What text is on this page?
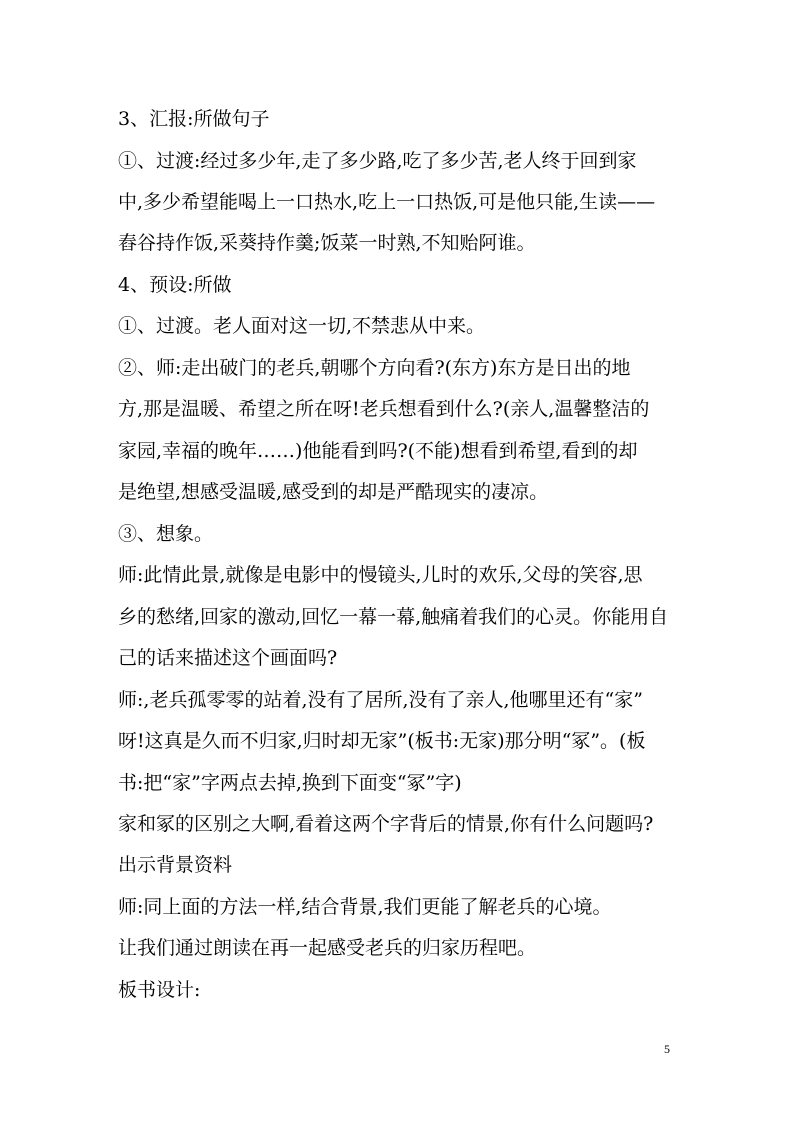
3、汇报:所做句子
①、过渡:经过多少年,走了多少路,吃了多少苦,老人终于回到家
中,多少希望能喝上一口热水,吃上一口热饭,可是他只能,生读——
舂谷持作饭,采葵持作羹;饭菜一时熟,不知贻阿谁。
4、预设:所做
①、过渡。老人面对这一切,不禁悲从中来。
②、师:走出破门的老兵,朝哪个方向看?(东方)东方是日出的地
方,那是温暖、希望之所在呀!老兵想看到什么?(亲人,温馨整洁的
家园,幸福的晚年……)他能看到吗?(不能)想看到希望,看到的却
是绝望,想感受温暖,感受到的却是严酷现实的凄凉。
③、想象。
师:此情此景,就像是电影中的慢镜头,儿时的欢乐,父母的笑容,思
乡的愁绪,回家的激动,回忆一幕一幕,触痛着我们的心灵。你能用自
己的话来描述这个画面吗?
师:,老兵孤零零的站着,没有了居所,没有了亲人,他哪里还有“家”
呀!这真是久而不归家,归时却无家”(板书:无家)那分明“冢”。(板
书:把“家”字两点去掉,换到下面变“冢”字)
家和冢的区别之大啊,看着这两个字背后的情景,你有什么问题吗?
出示背景资料
师:同上面的方法一样,结合背景,我们更能了解老兵的心境。
让我们通过朗读在再一起感受老兵的归家历程吧。
板书设计:
5
